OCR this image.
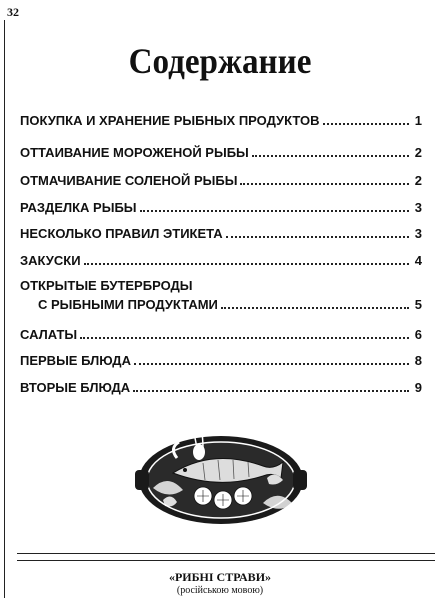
32
Содержание
ПОКУПКА И ХРАНЕНИЕ РЫБНЫХ ПРОДУКТОВ	1
ОТТАИВАНИЕ МОРОЖЕНОЙ РЫБЫ	2
ОТМАЧИВАНИЕ СОЛЕНОЙ РЫБЫ	2
РАЗДЕЛКА РЫБЫ	3
НЕСКОЛЬКО ПРАВИЛ ЭТИКЕТА	3
ЗАКУСКИ	4
ОТКРЫТЫЕ БУТЕРБРОДЫ
С РЫБНЫМИ ПРОДУКТАМИ	5
САЛАТЫ	6
ПЕРВЫЕ БЛЮДА	8
ВТОРЫЕ БЛЮДА	9
«РИБНІ СТРАВИ»
(російською мовою)
